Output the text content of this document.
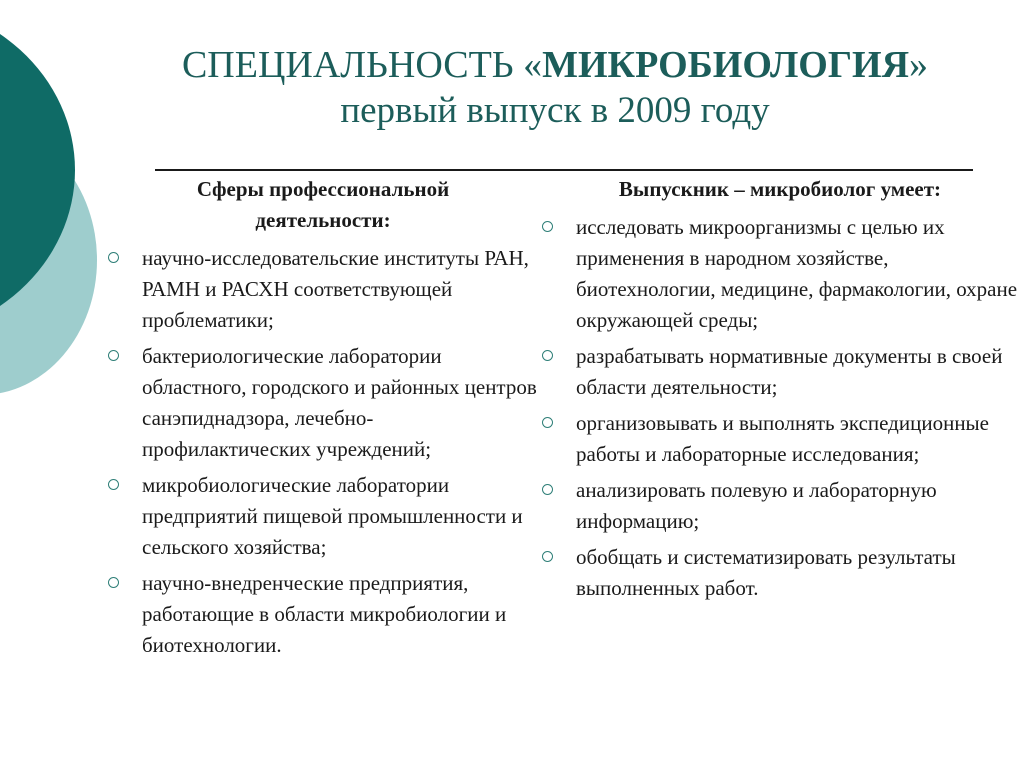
СПЕЦИАЛЬНОСТЬ «МИКРОБИОЛОГИЯ»
первый выпуск в 2009 году
Сферы профессиональной деятельности:
научно-исследовательские институты РАН, РАМН и РАСХН соответствующей проблематики;
бактериологические лаборатории областного, городского и районных центров санэпиднадзора, лечебно-профилактических учреждений;
микробиологические лаборатории предприятий пищевой промышленности и сельского хозяйства;
научно-внедренческие предприятия, работающие в области микробиологии и биотехнологии.
Выпускник – микробиолог умеет:
исследовать микроорганизмы с целью их применения в народном хозяйстве, биотехнологии, медицине, фармакологии, охране окружающей среды;
разрабатывать нормативные документы в своей области деятельности;
организовывать и выполнять экспедиционные работы и лабораторные исследования;
анализировать полевую и лабораторную информацию;
обобщать и систематизировать результаты выполненных работ.
